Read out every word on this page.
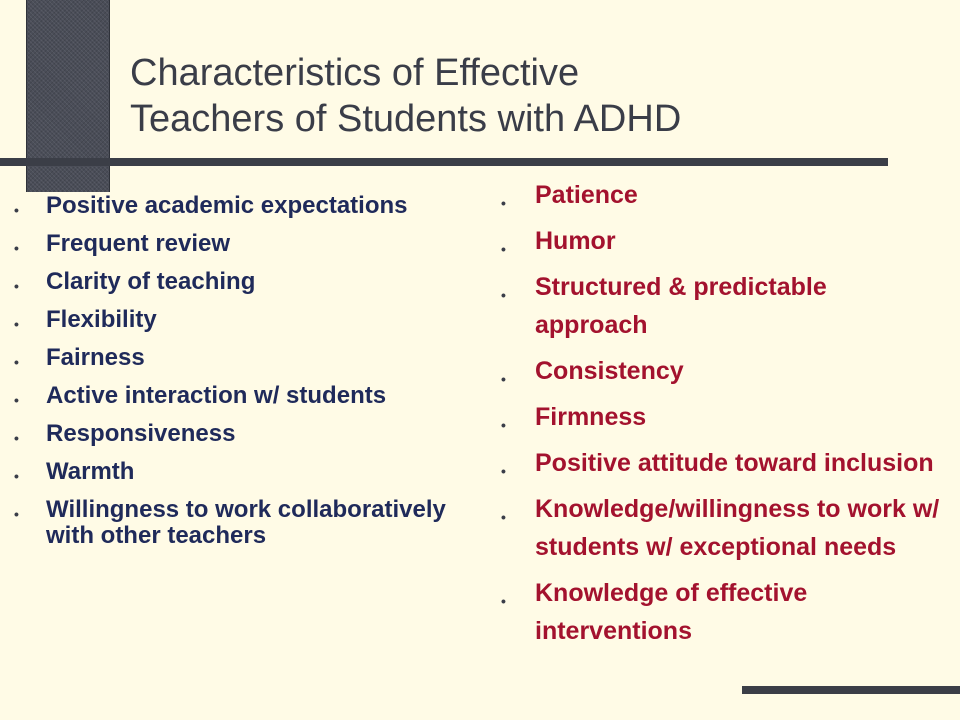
Characteristics of Effective
Teachers of Students with ADHD
• Positive academic expectations
• Frequent review
• Clarity of teaching
• Flexibility
• Fairness
• Active interaction w/ students
• Responsiveness
• Warmth
• Willingness to work collaboratively with other teachers
• Patience
• Humor
• Structured & predictable approach
• Consistency
• Firmness
• Positive attitude toward inclusion
• Knowledge/willingness to work w/ students w/ exceptional needs
• Knowledge of effective interventions
